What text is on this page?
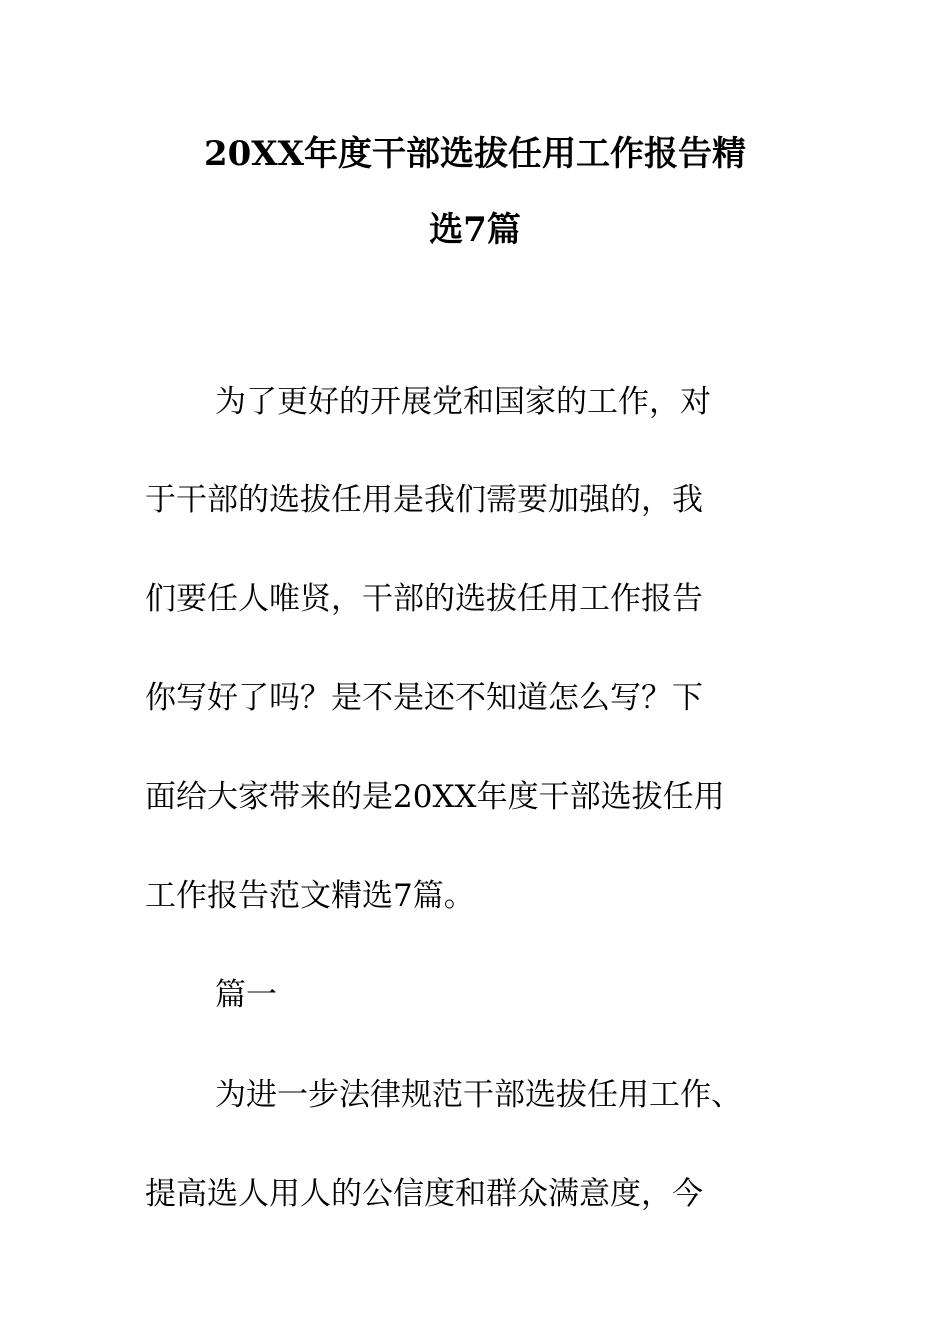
20XX年度干部选拔任用工作报告精
选7篇
为了更好的开展党和国家的工作，对
于干部的选拔任用是我们需要加强的，我
们要任人唯贤，干部的选拔任用工作报告
你写好了吗？是不是还不知道怎么写？下
面给大家带来的是20XX年度干部选拔任用
工作报告范文精选7篇。
篇一
为进一步法律规范干部选拔任用工作、
提高选人用人的公信度和群众满意度，今
